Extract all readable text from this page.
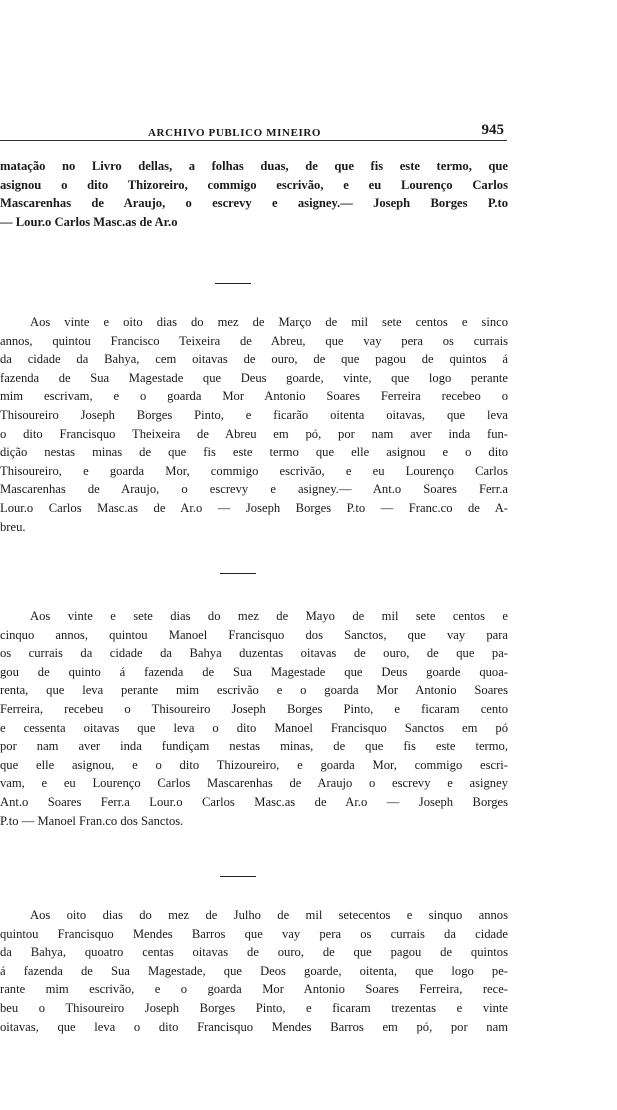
ARCHIVO PUBLICO MINEIRO	945
matação no Livro dellas, a folhas duas, de que fis este termo, que
asignou o dito Thizoreiro, commigo escrivão, e eu Lourenço Carlos
Mascarenhas de Araujo, o escrevy e asigney.— Joseph Borges P.to
— Lour.o Carlos Masc.as de Ar.o
Aos vinte e oito dias do mez de Março de mil sete centos e sinco
annos, quintou Francisco Teixeira de Abreu, que vay pera os currais
da cidade da Bahya, cem oitavas de ouro, de que pagou de quintos á
fazenda de Sua Magestade que Deus goarde, vinte, que logo perante
mim escrivam, e o goarda Mor Antonio Soares Ferreira recebeo o
Thisoureiro Joseph Borges Pinto, e ficarão oitenta oitavas, que leva
o dito Francisquo Theixeira de Abreu em pó, por nam aver inda fun-
dição nestas minas de que fis este termo que elle asignou e o dito
Thisoureiro, e goarda Mor, commigo escrivão, e eu Lourenço Carlos
Mascarenhas de Araujo, o escrevy e asigney.— Ant.o Soares Ferr.a
Lour.o Carlos Masc.as de Ar.o — Joseph Borges P.to — Franc.co de A-
breu.
Aos vinte e sete dias do mez de Mayo de mil sete centos e
cinquo annos, quintou Manoel Francisquo dos Sanctos, que vay para
os currais da cidade da Bahya duzentas oitavas de ouro, de que pa-
gou de quinto á fazenda de Sua Magestade que Deus goarde quoa-
renta, que leva perante mim escrivão e o goarda Mor Antonio Soares
Ferreira, recebeu o Thisoureiro Joseph Borges Pinto, e ficaram cento
e cessenta oitavas que leva o dito Manoel Francisquo Sanctos em pó
por nam aver inda fundiçam nestas minas, de que fis este termo,
que elle asignou, e o dito Thizoureiro, e goarda Mor, commigo escri-
vam, e eu Lourenço Carlos Mascarenhas de Araujo o escrevy e asigney
Ant.o Soares Ferr.a Lour.o Carlos Masc.as de Ar.o — Joseph Borges
P.to — Manoel Fran.co dos Sanctos.
Aos oito dias do mez de Julho de mil setecentos e sinquo annos
quintou Francisquo Mendes Barros que vay pera os currais da cidade
da Bahya, quoatro centas oitavas de ouro, de que pagou de quintos
á fazenda de Sua Magestade, que Deos goarde, oitenta, que logo pe-
rante mim escrivão, e o goarda Mor Antonio Soares Ferreira, rece-
beu o Thisoureiro Joseph Borges Pinto, e ficaram trezentas e vinte
oitavas, que leva o dito Francisquo Mendes Barros em pó, por nam
